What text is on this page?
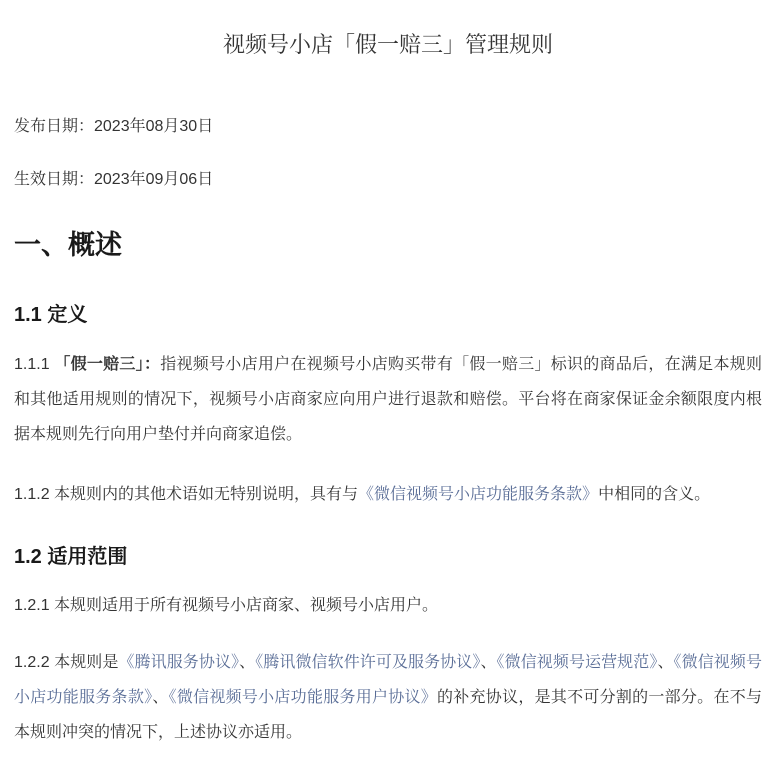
视频号小店「假一赔三」管理规则

发布日期：2023年08月30日

生效日期：2023年09月06日

一、概述
1.1 定义

1.1.1 「假一赔三」：指视频号小店用户在视频号小店购买带有「假一赔三」标识的商品后，在满足本规则和其他适用规则的情况下，视频号小店商家应向用户进行退款和赔偿。平台将在商家保证金余额限度内根据本规则先行向用户垫付并向商家追偿。

1.1.2 本规则内的其他术语如无特别说明，具有与《微信视频号小店功能服务条款》中相同的含义。

1.2 适用范围

1.2.1 本规则适用于所有视频号小店商家、视频号小店用户。

1.2.2 本规则是《腾讯服务协议》、《腾讯微信软件许可及服务协议》、《微信视频号运营规范》、《微信视频号小店功能服务条款》、《微信视频号小店功能服务用户协议》的补充协议，是其不可分割的一部分。在不与本规则冲突的情况下，上述协议亦适用。
